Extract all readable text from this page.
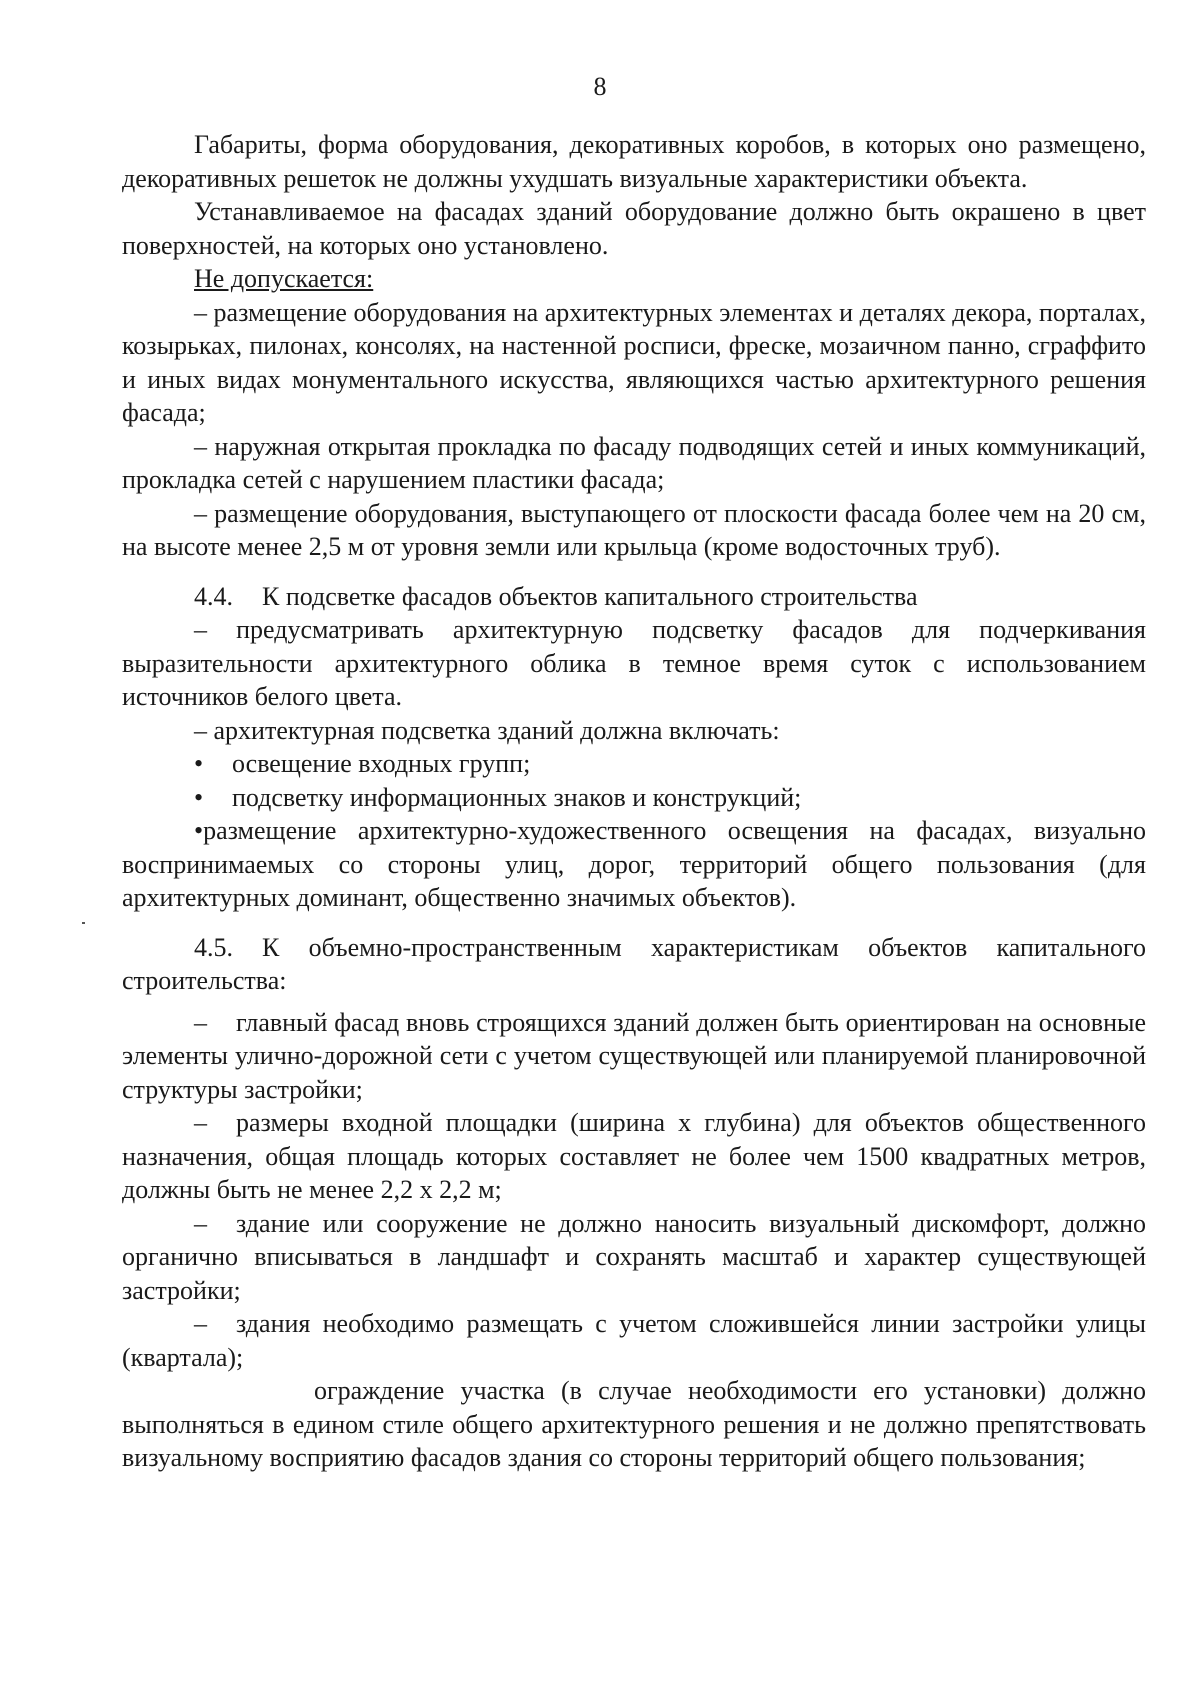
8

Габариты, форма оборудования, декоративных коробов, в которых оно размещено, декоративных решеток не должны ухудшать визуальные характеристики объекта.

Устанавливаемое на фасадах зданий оборудование должно быть окрашено в цвет поверхностей, на которых оно установлено.

Не допускается:

– размещение оборудования на архитектурных элементах и деталях декора, порталах, козырьках, пилонах, консолях, на настенной росписи, фреске, мозаичном панно, сграффито и иных видах монументального искусства, являющихся частью архитектурного решения фасада;

– наружная открытая прокладка по фасаду подводящих сетей и иных коммуникаций, прокладка сетей с нарушением пластики фасада;

– размещение оборудования, выступающего от плоскости фасада более чем на 20 см, на высоте менее 2,5 м от уровня земли или крыльца (кроме водосточных труб).

4.4. К подсветке фасадов объектов капитального строительства

– предусматривать архитектурную подсветку фасадов для подчеркивания выразительности архитектурного облика в темное время суток с использованием источников белого цвета.

– архитектурная подсветка зданий должна включать:

• освещение входных групп;

• подсветку информационных знаков и конструкций;

•размещение архитектурно-художественного освещения на фасадах, визуально воспринимаемых со стороны улиц, дорог, территорий общего пользования (для архитектурных доминант, общественно значимых объектов).

4.5. К объемно-пространственным характеристикам объектов капитального строительства:

– главный фасад вновь строящихся зданий должен быть ориентирован на основные элементы улично-дорожной сети с учетом существующей или планируемой планировочной структуры застройки;

– размеры входной площадки (ширина х глубина) для объектов общественного назначения, общая площадь которых составляет не более чем 1500 квадратных метров, должны быть не менее 2,2 х 2,2 м;

– здание или сооружение не должно наносить визуальный дискомфорт, должно органично вписываться в ландшафт и сохранять масштаб и характер существующей застройки;

– здания необходимо размещать с учетом сложившейся линии застройки улицы (квартала);

ограждение участка (в случае необходимости его установки) должно выполняться в едином стиле общего архитектурного решения и не должно препятствовать визуальному восприятию фасадов здания со стороны территорий общего пользования;
